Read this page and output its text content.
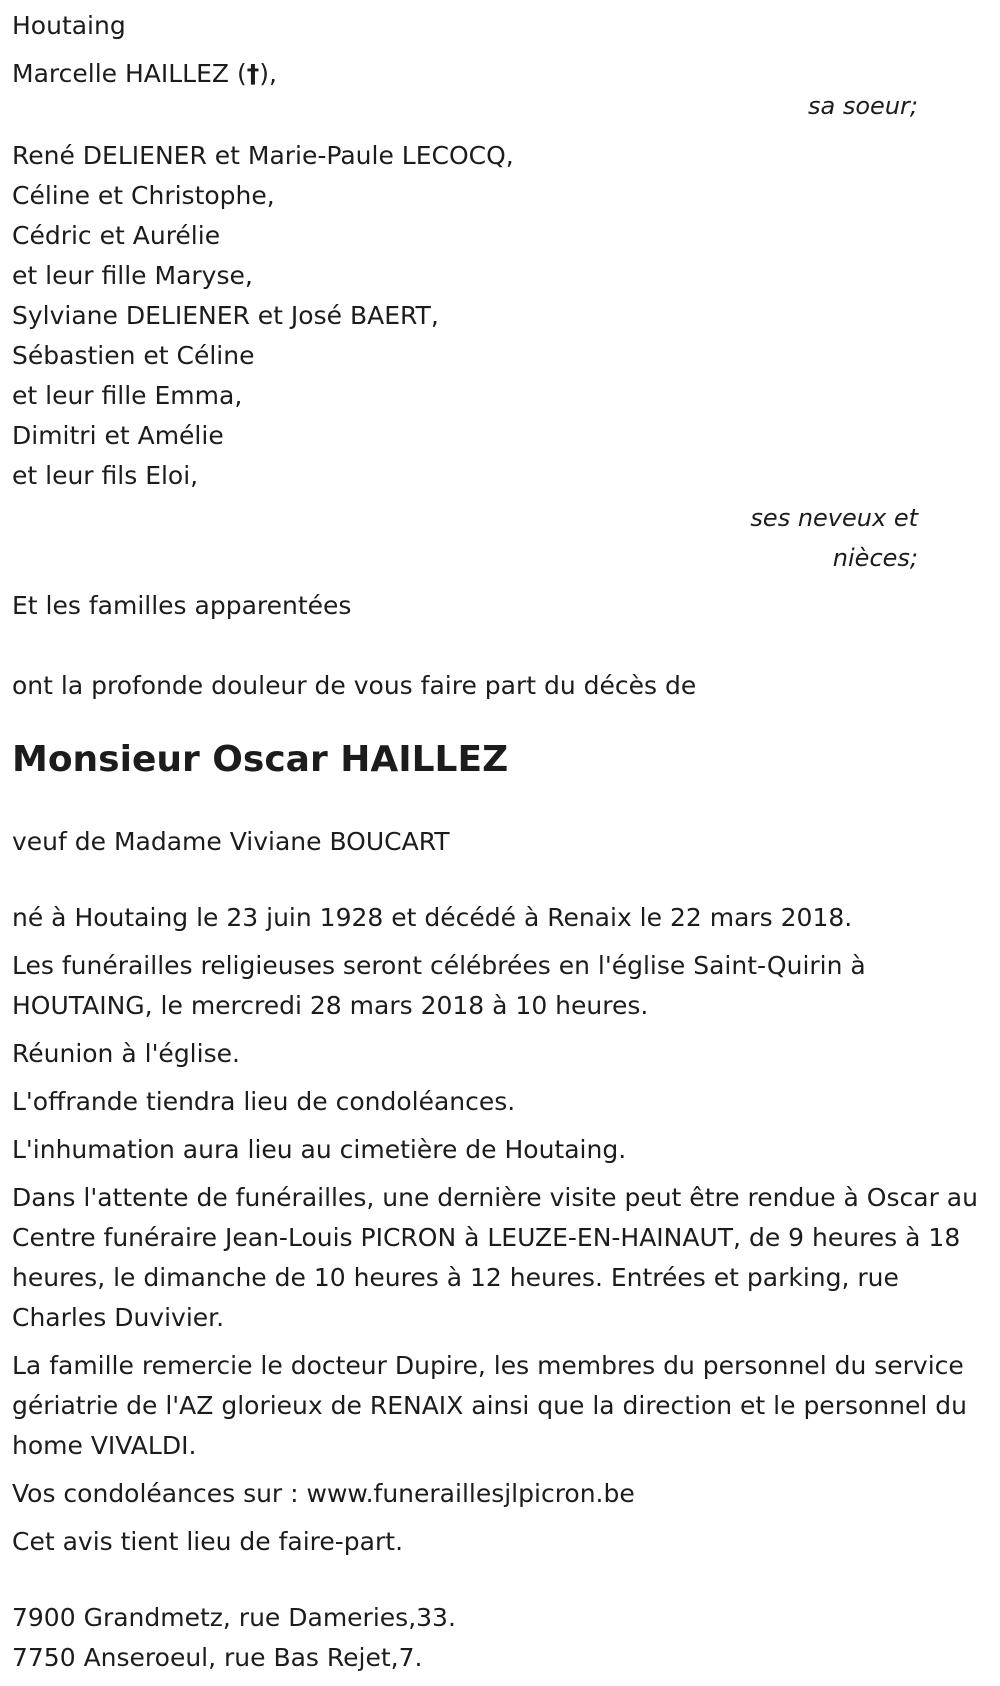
Houtaing
Marcelle HAILLEZ (†),
sa soeur;
René DELIENER et Marie-Paule LECOCQ,
Céline et Christophe,
Cédric et Aurélie
et leur fille Maryse,
Sylviane DELIENER et José BAERT,
Sébastien et Céline
et leur fille Emma,
Dimitri et Amélie
et leur fils Eloi,
ses neveux et
nièces;
Et les familles apparentées
ont la profonde douleur de vous faire part du décès de
Monsieur Oscar HAILLEZ
veuf de Madame Viviane BOUCART
né à Houtaing le 23 juin 1928 et décédé à Renaix le 22 mars 2018.
Les funérailles religieuses seront célébrées en l'église Saint-Quirin à HOUTAING, le mercredi 28 mars 2018 à 10 heures.
Réunion à l'église.
L'offrande tiendra lieu de condoléances.
L'inhumation aura lieu au cimetière de Houtaing.
Dans l'attente de funérailles, une dernière visite peut être rendue à Oscar au Centre funéraire Jean-Louis PICRON à LEUZE-EN-HAINAUT, de 9 heures à 18 heures, le dimanche de 10 heures à 12 heures. Entrées et parking, rue Charles Duvivier.
La famille remercie le docteur Dupire, les membres du personnel du service gériatrie de l'AZ glorieux de RENAIX ainsi que la direction et le personnel du home VIVALDI.
Vos condoléances sur : www.funeraillesjlpicron.be
Cet avis tient lieu de faire-part.
7900 Grandmetz, rue Dameries,33.
7750 Anseroeul, rue Bas Rejet,7.
